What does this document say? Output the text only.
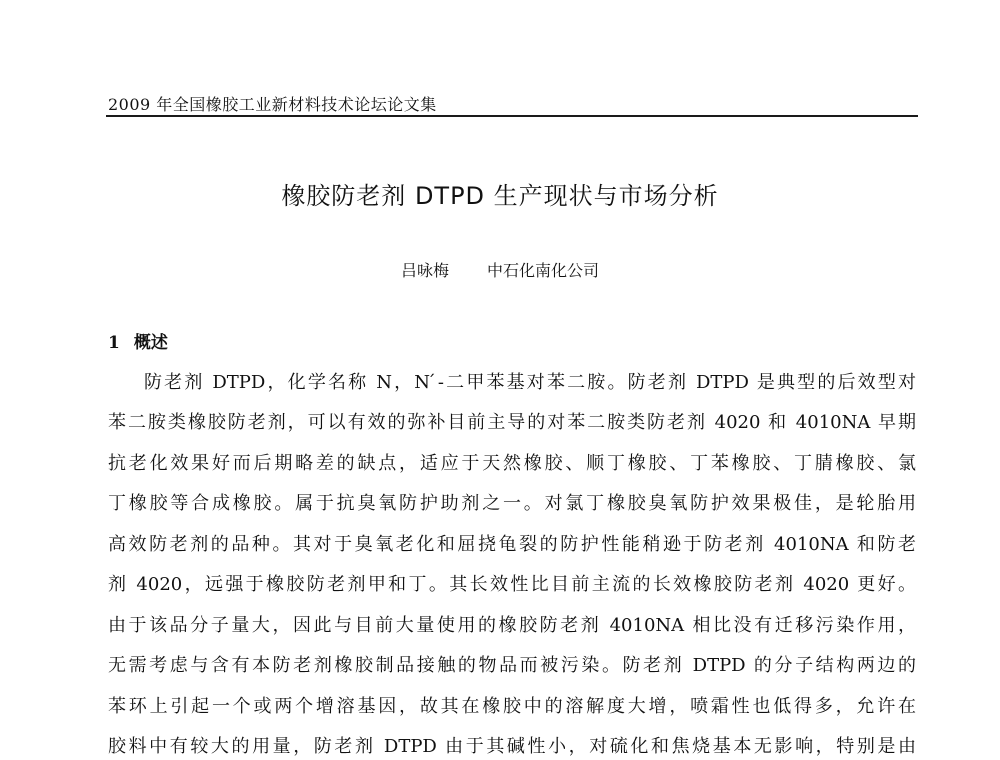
2009 年全国橡胶工业新材料技术论坛论文集
橡胶防老剂 DTPD 生产现状与市场分析
吕咏梅 中石化南化公司
1 概述
防老剂 DTPD，化学名称 N，N ́-二甲苯基对苯二胺。防老剂 DTPD 是典型的后效型对
苯二胺类橡胶防老剂，可以有效的弥补目前主导的对苯二胺类防老剂 4020 和 4010NA 早期
抗老化效果好而后期略差的缺点，适应于天然橡胶、顺丁橡胶、丁苯橡胶、丁腈橡胶、氯
丁橡胶等合成橡胶。属于抗臭氧防护助剂之一。对氯丁橡胶臭氧防护效果极佳，是轮胎用
高效防老剂的品种。其对于臭氧老化和屈挠龟裂的防护性能稍逊于防老剂 4010NA 和防老
剂 4020，远强于橡胶防老剂甲和丁。其长效性比目前主流的长效橡胶防老剂 4020 更好。
由于该品分子量大，因此与目前大量使用的橡胶防老剂 4010NA 相比没有迁移污染作用，
无需考虑与含有本防老剂橡胶制品接触的物品而被污染。防老剂 DTPD 的分子结构两边的
苯环上引起一个或两个增溶基因，故其在橡胶中的溶解度大增，喷霜性也低得多，允许在
胶料中有较大的用量，防老剂 DTPD 由于其碱性小，对硫化和焦烧基本无影响，特别是由
